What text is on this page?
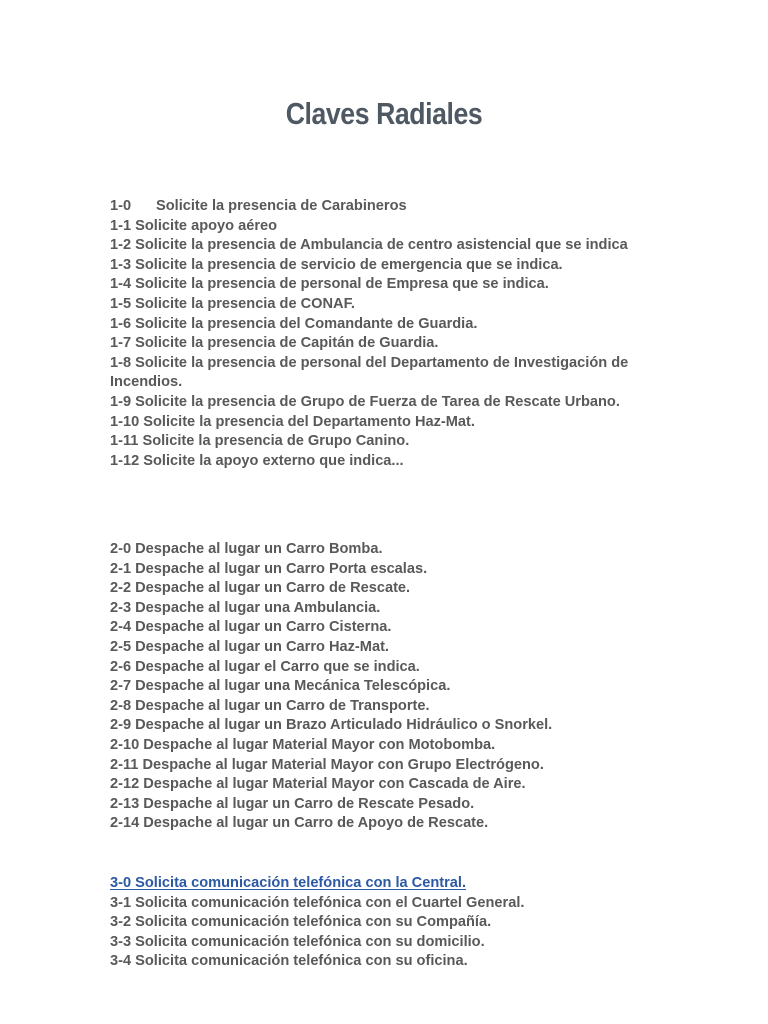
Claves Radiales
1-0 Solicite la presencia de Carabineros
1-1 Solicite apoyo aéreo
1-2 Solicite la presencia de Ambulancia de centro asistencial que se indica
1-3 Solicite la presencia de servicio de emergencia que se indica.
1-4 Solicite la presencia de personal de Empresa que se indica.
1-5 Solicite la presencia de CONAF.
1-6 Solicite la presencia del Comandante de Guardia.
1-7 Solicite la presencia de Capitán de Guardia.
1-8 Solicite la presencia de personal del Departamento de Investigación de Incendios.
1-9 Solicite la presencia de Grupo de Fuerza de Tarea de Rescate Urbano.
1-10 Solicite la presencia del Departamento Haz-Mat.
1-11 Solicite la presencia de Grupo Canino.
1-12 Solicite la apoyo externo que indica...
2-0 Despache al lugar un Carro Bomba.
2-1 Despache al lugar un Carro Porta escalas.
2-2 Despache al lugar un Carro de Rescate.
2-3 Despache al lugar una Ambulancia.
2-4 Despache al lugar un Carro Cisterna.
2-5 Despache al lugar un Carro Haz-Mat.
2-6 Despache al lugar el Carro que se indica.
2-7 Despache al lugar una Mecánica Telescópica.
2-8 Despache al lugar un Carro de Transporte.
2-9 Despache al lugar un Brazo Articulado Hidráulico o Snorkel.
2-10 Despache al lugar Material Mayor con Motobomba.
2-11 Despache al lugar Material Mayor con Grupo Electrógeno.
2-12 Despache al lugar Material Mayor con Cascada de Aire.
2-13 Despache al lugar un Carro de Rescate Pesado.
2-14 Despache al lugar un Carro de Apoyo de Rescate.
3-0 Solicita comunicación telefónica con la Central.
3-1 Solicita comunicación telefónica con el Cuartel General.
3-2 Solicita comunicación telefónica con su Compañía.
3-3 Solicita comunicación telefónica con su domicilio.
3-4 Solicita comunicación telefónica con su oficina.
